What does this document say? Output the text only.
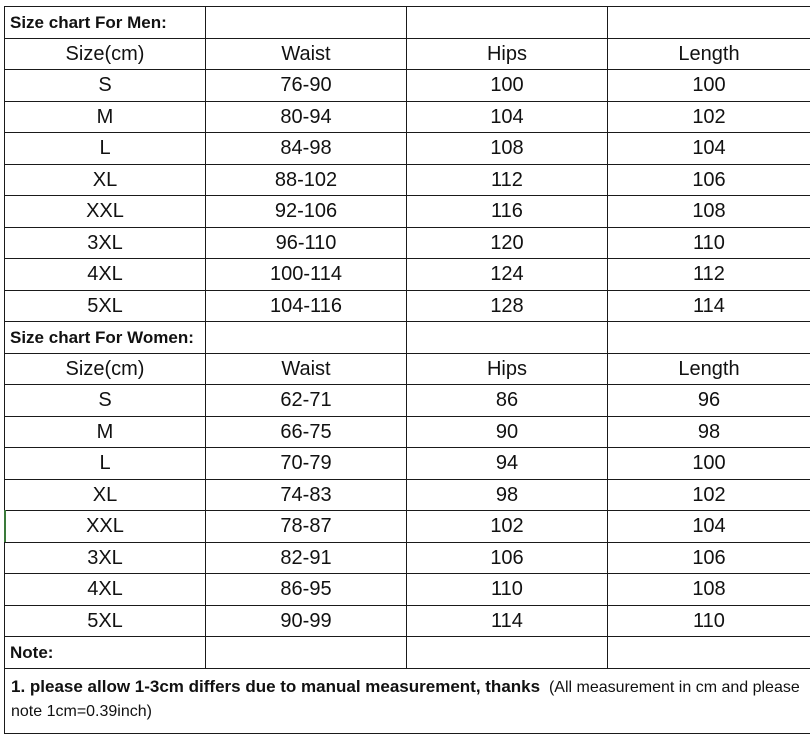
Size chart For Men:			
Size(cm)	Waist	Hips	Length
S	76-90	100	100
M	80-94	104	102
L	84-98	108	104
XL	88-102	112	106
XXL	92-106	116	108
3XL	96-110	120	110
4XL	100-114	124	112
5XL	104-116	128	114
Size chart For Women:			
Size(cm)	Waist	Hips	Length
S	62-71	86	96
M	66-75	90	98
L	70-79	94	100
XL	74-83	98	102
XXL	78-87	102	104
3XL	82-91	106	106
4XL	86-95	110	108
5XL	90-99	114	110
Note:			
1. please allow 1-3cm differs due to manual measurement, thanks (All measurement in cm and please note 1cm=0.39inch)			
